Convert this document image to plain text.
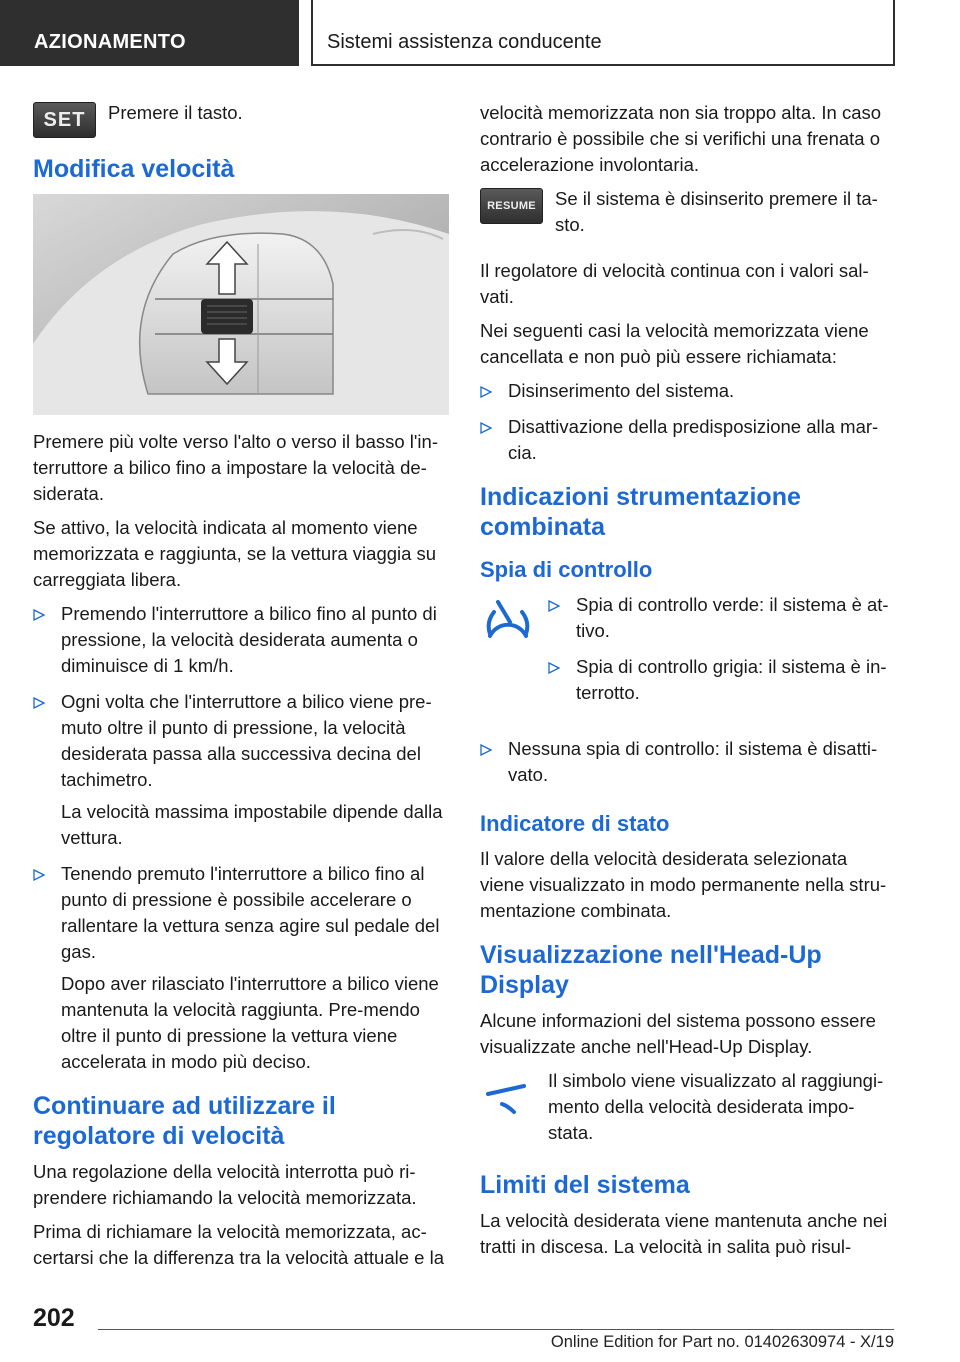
AZIONAMENTO	Sistemi assistenza conducente
SET	Premere il tasto.

Modifica velocità

Premere più volte verso l'alto o verso il basso l'in-terruttore a bilico fino a impostare la velocità de-siderata.

Se attivo, la velocità indicata al momento viene memorizzata e raggiunta, se la vettura viaggia su carreggiata libera.

Premendo l'interruttore a bilico fino al punto di pressione, la velocità desiderata aumenta o diminuisce di 1 km/h.

Ogni volta che l'interruttore a bilico viene pre-muto oltre il punto di pressione, la velocità desiderata passa alla successiva decina del tachimetro.

La velocità massima impostabile dipende dalla vettura.

Tenendo premuto l'interruttore a bilico fino al punto di pressione è possibile accelerare o rallentare la vettura senza agire sul pedale del gas.

Dopo aver rilasciato l'interruttore a bilico viene mantenuta la velocità raggiunta. Pre-mendo oltre il punto di pressione la vettura viene accelerata in modo più deciso.

Continuare ad utilizzare il regolatore di velocità

Una regolazione della velocità interrotta può ri-prendere richiamando la velocità memorizzata.

Prima di richiamare la velocità memorizzata, ac-certarsi che la differenza tra la velocità attuale e la

velocità memorizzata non sia troppo alta. In caso contrario è possibile che si verifichi una frenata o accelerazione involontaria.

RESUME	Se il sistema è disinserito premere il ta-sto.

Il regolatore di velocità continua con i valori sal-vati.

Nei seguenti casi la velocità memorizzata viene cancellata e non può più essere richiamata:

Disinserimento del sistema.

Disattivazione della predisposizione alla mar-cia.

Indicazioni strumentazione combinata
Spia di controllo

Spia di controllo verde: il sistema è at-tivo.

Spia di controllo grigia: il sistema è in-terrotto.

Nessuna spia di controllo: il sistema è disatti-vato.

Indicatore di stato

Il valore della velocità desiderata selezionata viene visualizzato in modo permanente nella stru-mentazione combinata.

Visualizzazione nell'Head-Up Display

Alcune informazioni del sistema possono essere visualizzate anche nell'Head-Up Display.

Il simbolo viene visualizzato al raggiungi-mento della velocità desiderata impo-stata.

Limiti del sistema

La velocità desiderata viene mantenuta anche nei tratti in discesa. La velocità in salita può risul-

202
Online Edition for Part no. 01402630974 - X/19
